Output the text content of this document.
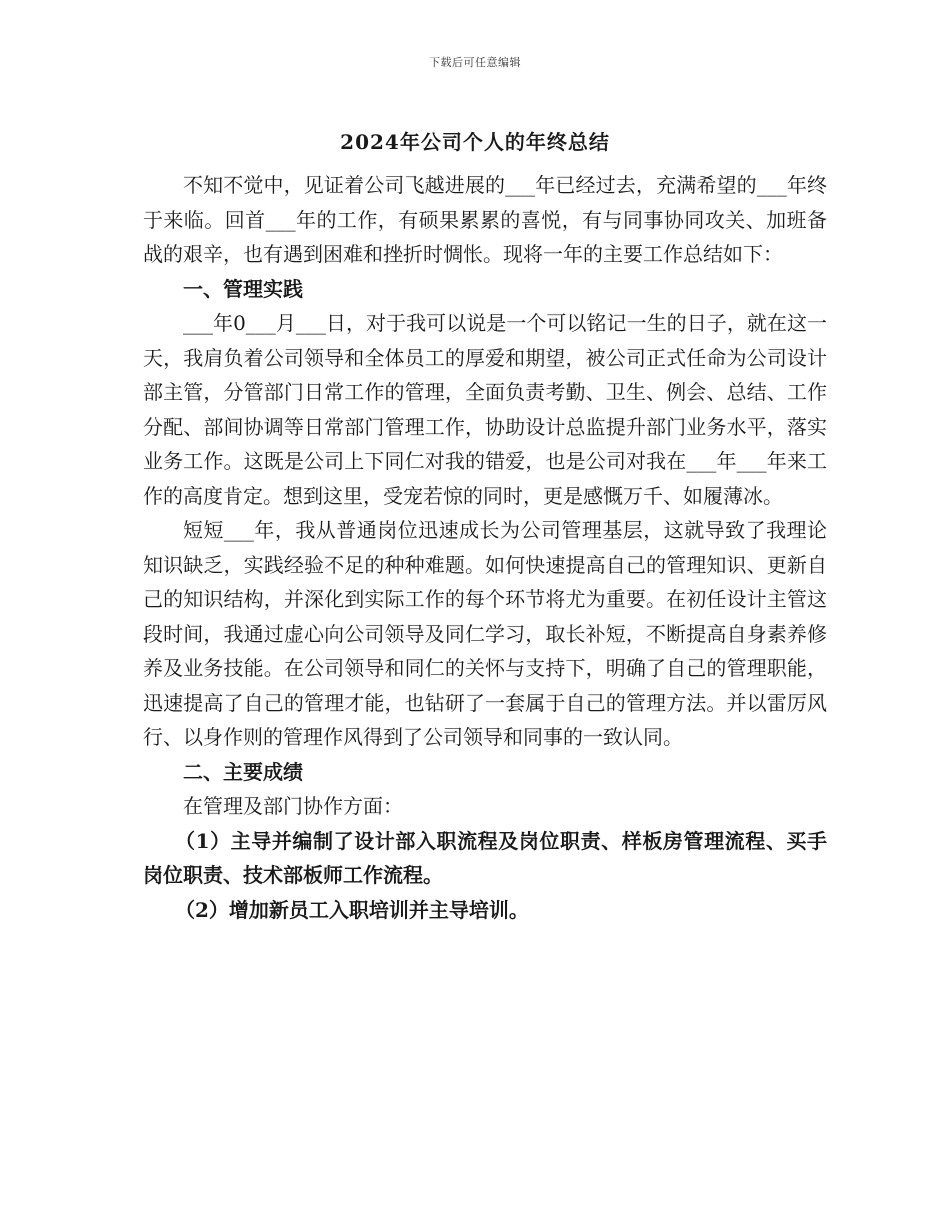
下载后可任意编辑
2024年公司个人的年终总结

不知不觉中，见证着公司飞越进展的___年已经过去，充满希望的___年终于来临。回首___年的工作，有硕果累累的喜悦，有与同事协同攻关、加班备战的艰辛，也有遇到困难和挫折时惆怅。现将一年的主要工作总结如下：

一、管理实践

___年0___月___日，对于我可以说是一个可以铭记一生的日子，就在这一天，我肩负着公司领导和全体员工的厚爱和期望，被公司正式任命为公司设计部主管，分管部门日常工作的管理，全面负责考勤、卫生、例会、总结、工作分配、部间协调等日常部门管理工作，协助设计总监提升部门业务水平，落实业务工作。这既是公司上下同仁对我的错爱，也是公司对我在___年___年来工作的高度肯定。想到这里，受宠若惊的同时，更是感慨万千、如履薄冰。

短短___年，我从普通岗位迅速成长为公司管理基层，这就导致了我理论知识缺乏，实践经验不足的种种难题。如何快速提高自己的管理知识、更新自己的知识结构，并深化到实际工作的每个环节将尤为重要。在初任设计主管这段时间，我通过虚心向公司领导及同仁学习，取长补短，不断提高自身素养修养及业务技能。在公司领导和同仁的关怀与支持下，明确了自己的管理职能，迅速提高了自己的管理才能，也钻研了一套属于自己的管理方法。并以雷厉风行、以身作则的管理作风得到了公司领导和同事的一致认同。

二、主要成绩

在管理及部门协作方面：

（1）主导并编制了设计部入职流程及岗位职责、样板房管理流程、买手岗位职责、技术部板师工作流程。

（2）增加新员工入职培训并主导培训。
